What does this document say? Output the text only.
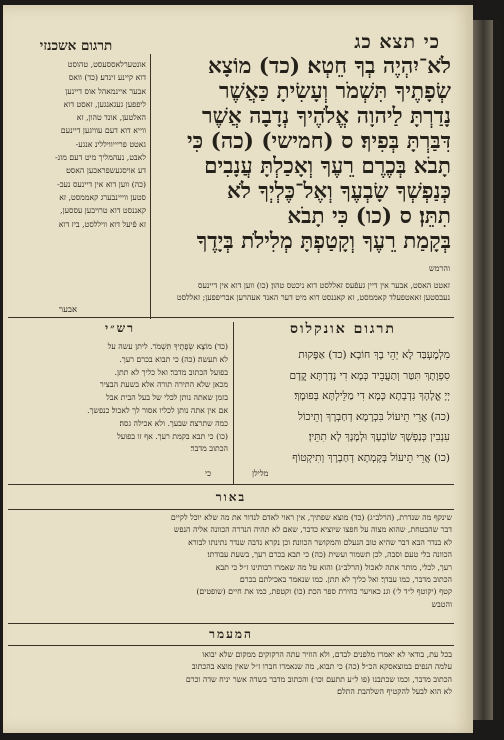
כי תצא כג
תרגום אשכנזי
לֹא־יִהְיֶה בְךָ חֵטְא׃ (כד) מוֹצָא
שְׂפָתֶיךָ תִּשְׁמֹר וְעָשִׂיתָ כַּאֲשֶׁר
נָדַרְתָּ לַיהוָה אֱלֹהֶיךָ נְדָבָה אֲשֶׁר
דִּבַּרְתָּ בְּפִיךָ׃ ס (חמישי) (כה) כִּי
תָבֹא בְּכֶרֶם רֵעֶךָ וְאָכַלְתָּ עֲנָבִים
כְּנַפְשְׁךָ שָׂבְעֶךָ וְאֶל־כֶּלְיְךָ לֹא
תִתֵּן׃ ס (כו) כִּי תָבֹא
בְּקָמַת רֵעֶךָ וְקָטַפְתָּ מְלִילֹת בְּיָדֶךָ
אונטערלאססעסט, טהוסט
דוא קיינע זינדע׃ (כד) וואס
אבער איינמאהל אוס דיינען
ליפפען געגאנגען, זאסט דוא
האלטען, אונד טהון, זא
ווייא דוא דעם עוויגען דיינעם
גאטט פריייוויללינ אנגע-
לאבט, נעהמליך מיט דעם מונ-
דע אויסגעשפראכען האסט׃
(כה) ווען דוא אין דיינעס נעכ-
סטען ווייינבערג קאממסט, זא
קאננסט דוא טרויבען עססען,
זא פֿיעל דוא וויללסט, ביז דוא
והרמש
זאטט האסט, אבער אין דיין געפֿעס זאללסט דוא ניכטס טהון׃ (כו) ווען דוא אין דיינעס
נעבסטען זאאטפעלד קאממסט, זא קאננסט דוא מיט דער האנד אעהרען אבריפפען; זאללסט
אבער
תרגום אונקלוס
רש״י
מִלְמֶעְבַּד לָא יְהֵי בָךְ חוֹבָא׃ (כד) אַפָּקוּת
סִפְוָתָךְ תִּטַּר וְתַעֲבֵיד כְּמָא דִי נְדַרְתָּא קֳדָם
יְיָ אֱלָהָךְ נִדְבְתָא כְּמָא דִי מַלֵּילְתָּא בְּפוּמָךְ׃
(כה) אֲרֵי תֵיעוֹל בִּכְרָמָא דְחַבְרָךְ וְתֵיכוֹל
עִנְבִין כְּנַפְשָׁךְ שׂוֹבְעָךְ וּלְמָנָךְ לָא תִתֵּין׃
(כו) אֲרֵי תֵיעוֹל בְּקָמְתָא דְחַבְרָךְ וְתִיקְטוֹף
מלילן
(כד) מוֹצָא שְׂפָתֶיךָ תִּשְׁמֹר. ליתן עשה על
לא תעשה׃ (כה) כי תבוא בכרם רעך.
בפועל הכתוב מדבר׃ ואל כליך לא תתן.
מכאן שלא התירה תורה אלא בשעת הבציר
בזמן שאתה נותן לכלי של בעל הבית אבל
אם אין אתה נותן לכליו אסור לך לאכול׃ כנפשך.
כמה שתרצה׃ שבעך. ולא אכילה גסה׃
(כו) כי תבא בקמת רעך. אף זו בפועל
הכתוב מדבר׃
כי
באור
שינקף מה שנדרת, (הרלב״ג) (כד) מוצא שפתיך, אין ראוי לאדם לנדור את מה שלא יוכל לקיים
דבר שהבטחת, שהוא מצוה על חפצו שיוציא כדבר, שאם לא תהיה הנדרה הכוונה אליה הנפש
לא בנדר הבא דבר שהיא טוב הנעלם והמקושר הכוונה׃ וכן נקרא נדבה שנדר נתינתו לבורא
הכוונה בלי טעם וסבה, לכן תשמור ועשית (כה) כי תבא בכרם רעך, בשעת עבודתו׃
רעך, לכלי, מותר אתה לאכול (הרלב״ג) והוא על מה שאמרו רבותינו ז״ל׃ כי תבא
הכתוב מדבר, כמו עבדך׃ ואל כליך לא תתן. כמו שנאמר באכילתם בכרם׃
קטף (יקוטף ל״ד ל׳) וגנ כאויער כחירת ספר הכת׃ (כו) וקטפת, כמו את חיים (שופטים)
והטבש
המעמר
בכל עת, בודאי לא יאמרו מלפנים לבדם, ולא הוזיר עתה הרקוקים ממקום שלא יבואו
עלמה הנפים במוצאסקא הכ״ל׃ (כה) כי תבוא, מה שנאמרו חברו ז״ל שאין מוצא בהכתוב
הכתוב מדבר, וכמו שכתבנו (פו ל״ע תתעם וכו׳)׃ והכתוב מדבר בשדה אשר יניח שדה וכרם
לא הוא לבעל להקטיף השלהבת התלם׃
